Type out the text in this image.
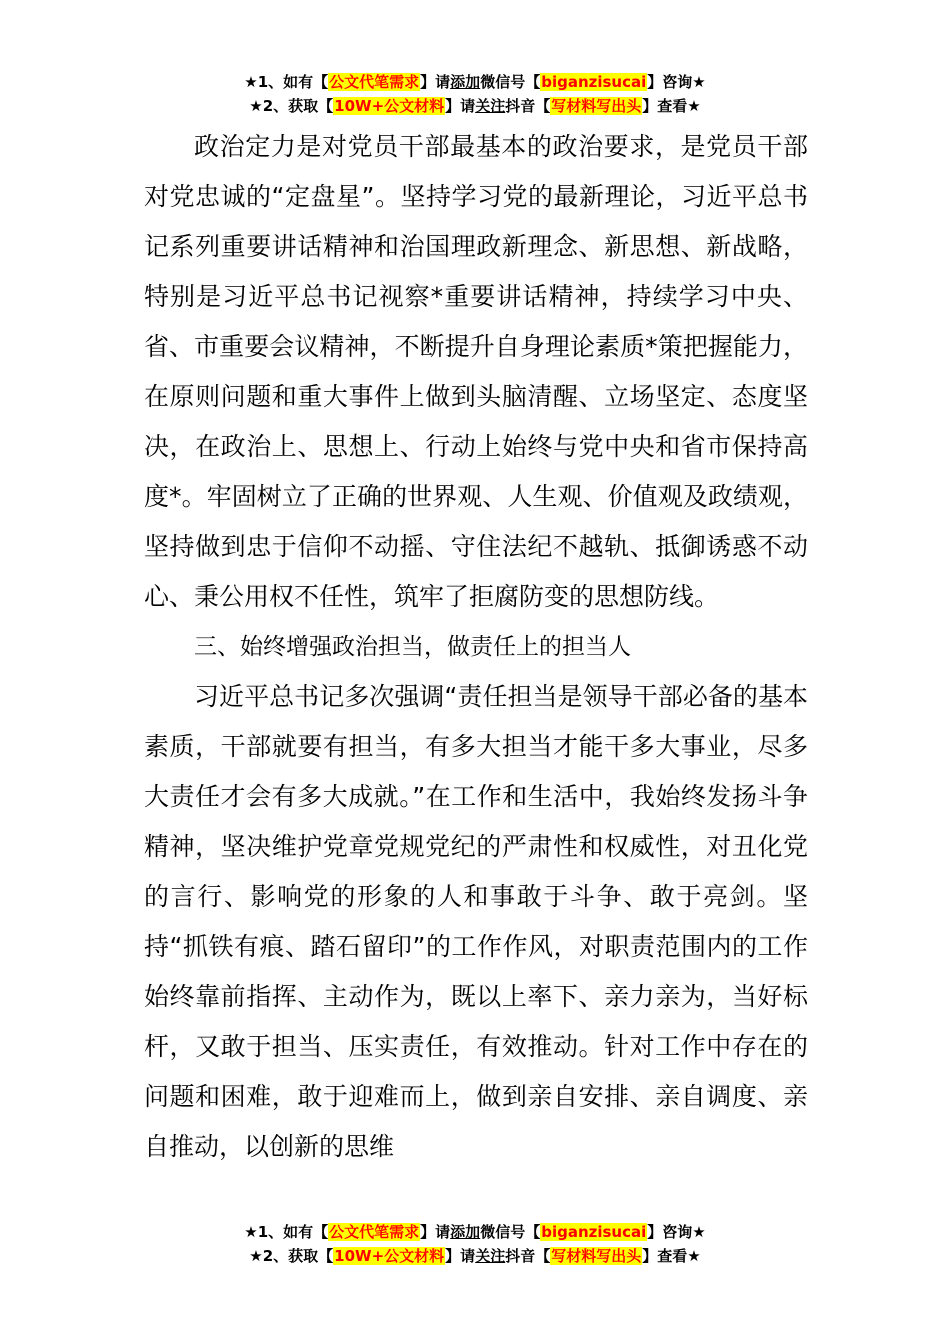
★1、如有【公文代笔需求】请添加微信号【biganzisucai】咨询★
★2、获取【10W+公文材料】请关注抖音【写材料写出头】查看★

政治定力是对党员干部最基本的政治要求，是党员干部对党忠诚的“定盘星”。坚持学习党的最新理论，习近平总书记系列重要讲话精神和治国理政新理念、新思想、新战略，特别是习近平总书记视察*重要讲话精神，持续学习中央、省、市重要会议精神，不断提升自身理论素质*策把握能力，在原则问题和重大事件上做到头脑清醒、立场坚定、态度坚决，在政治上、思想上、行动上始终与党中央和省市保持高度*。牢固树立了正确的世界观、人生观、价值观及政绩观，坚持做到忠于信仰不动摇、守住法纪不越轨、抵御诱惑不动心、秉公用权不任性，筑牢了拒腐防变的思想防线。

三、始终增强政治担当，做责任上的担当人

习近平总书记多次强调“责任担当是领导干部必备的基本素质，干部就要有担当，有多大担当才能干多大事业，尽多大责任才会有多大成就。”在工作和生活中，我始终发扬斗争精神，坚决维护党章党规党纪的严肃性和权威性，对丑化党的言行、影响党的形象的人和事敢于斗争、敢于亮剑。坚持“抓铁有痕、踏石留印”的工作作风，对职责范围内的工作始终靠前指挥、主动作为，既以上率下、亲力亲为，当好标杆，又敢于担当、压实责任，有效推动。针对工作中存在的问题和困难，敢于迎难而上，做到亲自安排、亲自调度、亲自推动，以创新的思维

★1、如有【公文代笔需求】请添加微信号【biganzisucai】咨询★
★2、获取【10W+公文材料】请关注抖音【写材料写出头】查看★
